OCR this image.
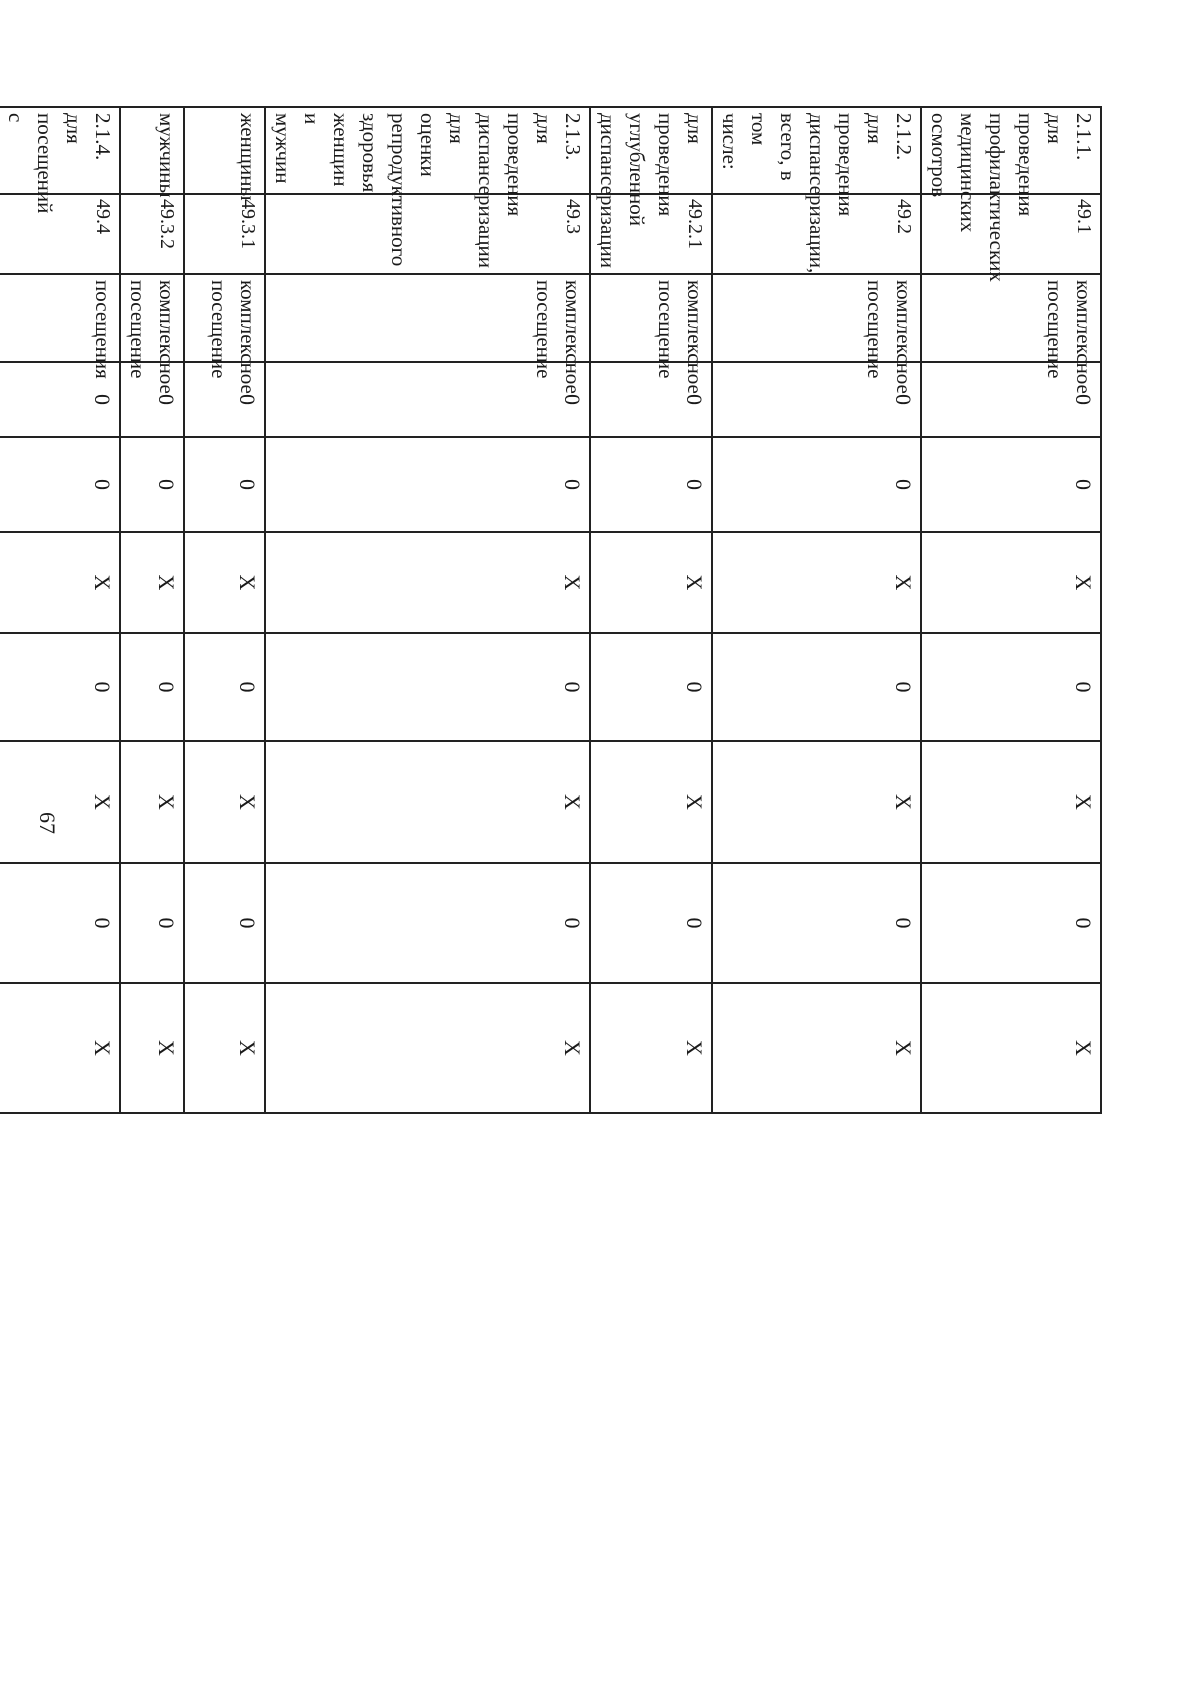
67
2.1.1. для проведения профилактических медицинских осмотров	49.1	комплексное посещение	0	0	Х	0	Х	0	Х
2.1.2. для проведения диспансеризации, всего, в том числе:	49.2	комплексное посещение	0	0	Х	0	Х	0	Х
для проведения углубленной диспансеризации	49.2.1	комплексное посещение	0	0	Х	0	Х	0	Х
2.1.3. для проведения диспансеризации для оценки репродуктивного здоровья женщин и мужчин	49.3	комплексное посещение	0	0	Х	0	Х	0	Х
женщины	49.3.1	комплексное посещение	0	0	Х	0	Х	0	Х
мужчины	49.3.2	комплексное посещение	0	0	Х	0	Х	0	Х
2.1.4. для посещений с	49.4	посещения	0	0	Х	0	Х	0	Х
